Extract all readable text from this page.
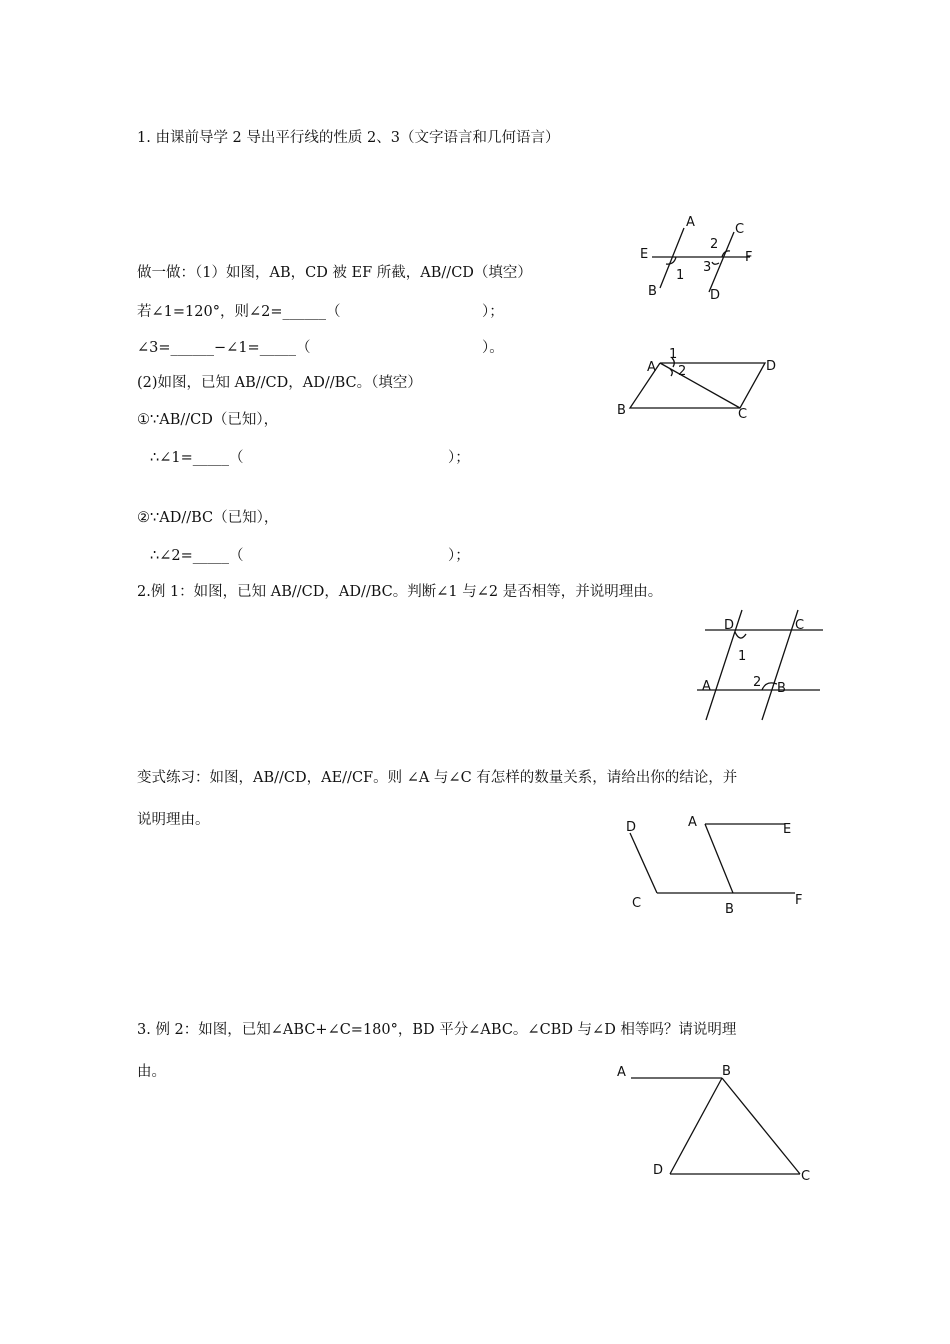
1. 由课前导学 2 导出平行线的性质 2、3（文字语言和几何语言）
做一做：（1）如图，AB，CD 被 EF 所截，AB//CD（填空）
若∠1=120°，则∠2=______（	）；
∠3=______−∠1=_____（	）。
(2)如图，已知 AB//CD，AD//BC。（填空）
①∵AB//CD（已知），
∴∠1=_____（	）；
②∵AD//BC（已知），
∴∠2=_____（	）；
2.例 1：如图，已知 AB//CD，AD//BC。判断∠1 与∠2 是否相等，并说明理由。
变式练习：如图，AB//CD，AE//CF。则 ∠A 与∠C 有怎样的数量关系，请给出你的结论，并
说明理由。
3. 例 2：如图，已知∠ABC+∠C=180°，BD 平分∠ABC。∠CBD 与∠D 相等吗？请说明理
由。
A
B
C
D
E	F
1
2
3
A
B	C
D
1
2
D	C
A	B
1
2
D	A	E
C	B
F
A	B
D	C
